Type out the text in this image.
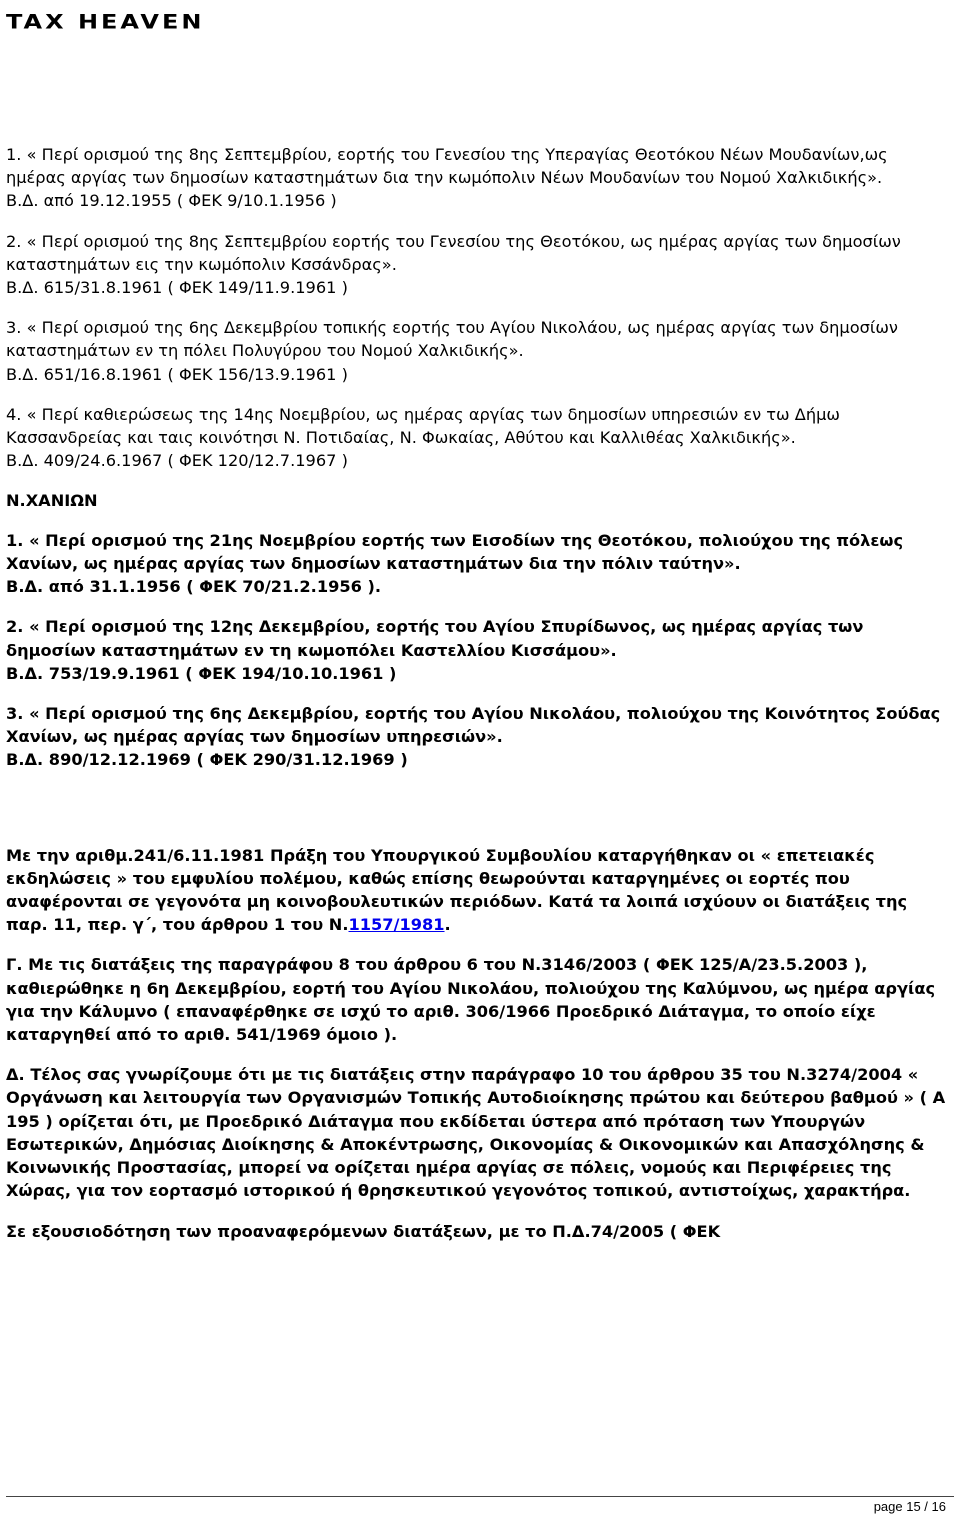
TAX HEAVEN

1. « Περί ορισμού της 8ης Σεπτεμβρίου, εορτής του Γενεσίου της Υπεραγίας Θεοτόκου Νέων Μουδανίων,ως ημέρας αργίας των δημοσίων καταστημάτων δια την κωμόπολιν Νέων Μουδανίων του Νομού Χαλκιδικής».

Β.Δ. από 19.12.1955 ( ΦΕΚ 9/10.1.1956 )

2. « Περί ορισμού της 8ης Σεπτεμβρίου εορτής του Γενεσίου της Θεοτόκου, ως ημέρας αργίας των δημοσίων καταστημάτων εις την κωμόπολιν Κσσάνδρας».

Β.Δ. 615/31.8.1961 ( ΦΕΚ 149/11.9.1961 )

3. « Περί ορισμού της 6ης Δεκεμβρίου τοπικής εορτής του Αγίου Νικολάου, ως ημέρας αργίας των δημοσίων καταστημάτων εν τη πόλει Πολυγύρου του Νομού Χαλκιδικής».

Β.Δ. 651/16.8.1961 ( ΦΕΚ 156/13.9.1961 )

4. « Περί καθιερώσεως της 14ης Νοεμβρίου, ως ημέρας αργίας των δημοσίων υπηρεσιών εν τω Δήμω Κασσανδρείας και ταις κοινότησι Ν. Ποτιδαίας, Ν. Φωκαίας, Αθύτου και Καλλιθέας Χαλκιδικής».

Β.Δ. 409/24.6.1967 ( ΦΕΚ 120/12.7.1967 )

Ν.ΧΑΝΙΩΝ

1. « Περί ορισμού της 21ης Νοεμβρίου εορτής των Εισοδίων της Θεοτόκου, πολιούχου της πόλεως Χανίων, ως ημέρας αργίας των δημοσίων καταστημάτων δια την πόλιν ταύτην».

Β.Δ. από 31.1.1956 ( ΦΕΚ 70/21.2.1956 ).

2. « Περί ορισμού της 12ης Δεκεμβρίου, εορτής του Αγίου Σπυρίδωνος, ως ημέρας αργίας των δημοσίων καταστημάτων εν τη κωμοπόλει Καστελλίου Κισσάμου».

Β.Δ. 753/19.9.1961 ( ΦΕΚ 194/10.10.1961 )

3. « Περί ορισμού της 6ης Δεκεμβρίου, εορτής του Αγίου Νικολάου, πολιούχου της Κοινότητος Σούδας Χανίων, ως ημέρας αργίας των δημοσίων υπηρεσιών».

Β.Δ. 890/12.12.1969 ( ΦΕΚ 290/31.12.1969 )

Με την αριθμ.241/6.11.1981 Πράξη του Υπουργικού Συμβουλίου καταργήθηκαν οι « επετειακές εκδηλώσεις » του εμφυλίου πολέμου, καθώς επίσης θεωρούνται καταργημένες οι εορτές που αναφέρονται σε γεγονότα μη κοινοβουλευτικών περιόδων. Κατά τα λοιπά ισχύουν οι διατάξεις της παρ. 11, περ. γ΄, του άρθρου 1 του Ν.1157/1981.

Γ. Με τις διατάξεις της παραγράφου 8 του άρθρου 6 του Ν.3146/2003 ( ΦΕΚ 125/Α/23.5.2003 ), καθιερώθηκε η 6η Δεκεμβρίου, εορτή του Αγίου Νικολάου, πολιούχου της Καλύμνου, ως ημέρα αργίας για την Κάλυμνο ( επαναφέρθηκε σε ισχύ το αριθ. 306/1966 Προεδρικό Διάταγμα, το οποίο είχε καταργηθεί από το αριθ. 541/1969 όμοιο ).

Δ. Τέλος σας γνωρίζουμε ότι με τις διατάξεις στην παράγραφο 10 του άρθρου 35 του Ν.3274/2004 « Οργάνωση και λειτουργία των Οργανισμών Τοπικής Αυτοδιοίκησης πρώτου και δεύτερου βαθμού » ( Α 195 ) ορίζεται ότι, με Προεδρικό Διάταγμα που εκδίδεται ύστερα από πρόταση των Υπουργών Εσωτερικών, Δημόσιας Διοίκησης & Αποκέντρωσης, Οικονομίας & Οικονομικών και Απασχόλησης & Κοινωνικής Προστασίας, μπορεί να ορίζεται ημέρα αργίας σε πόλεις, νομούς και Περιφέρειες της Χώρας, για τον εορτασμό ιστορικού ή θρησκευτικού γεγονότος τοπικού, αντιστοίχως, χαρακτήρα.

Σε εξουσιοδότηση των προαναφερόμενων διατάξεων, με το Π.Δ.74/2005 ( ΦΕΚ

page 15 / 16
